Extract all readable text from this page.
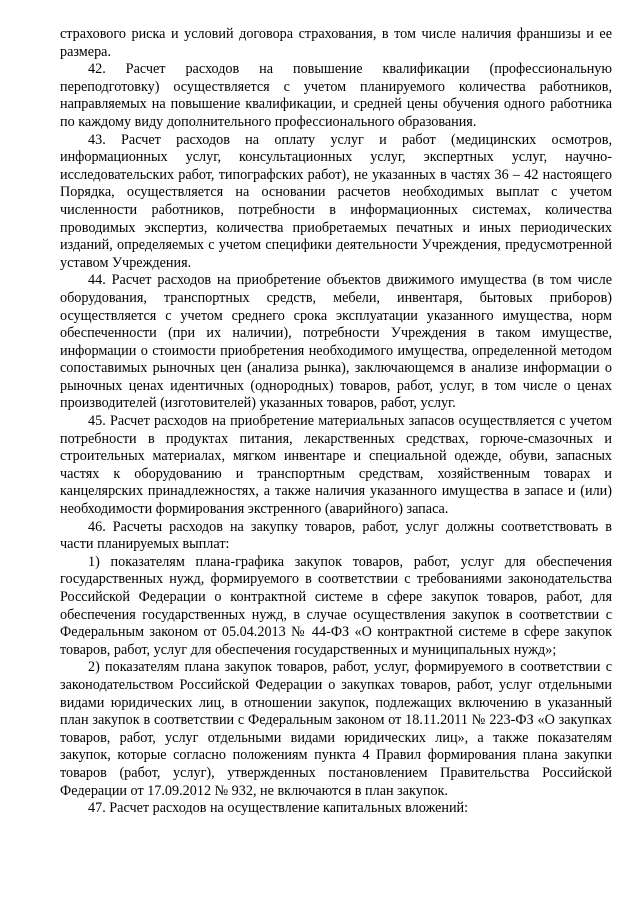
страхового риска и условий договора страхования, в том числе наличия франшизы и ее размера.

42. Расчет расходов на повышение квалификации (профессиональную переподготовку) осуществляется с учетом планируемого количества работников, направляемых на повышение квалификации, и средней цены обучения одного работника по каждому виду дополнительного профессионального образования.

43. Расчет расходов на оплату услуг и работ (медицинских осмотров, информационных услуг, консультационных услуг, экспертных услуг, научно-исследовательских работ, типографских работ), не указанных в частях 36 – 42 настоящего Порядка, осуществляется на основании расчетов необходимых выплат с учетом численности работников, потребности в информационных системах, количества проводимых экспертиз, количества приобретаемых печатных и иных периодических изданий, определяемых с учетом специфики деятельности Учреждения, предусмотренной уставом Учреждения.

44. Расчет расходов на приобретение объектов движимого имущества (в том числе оборудования, транспортных средств, мебели, инвентаря, бытовых приборов) осуществляется с учетом среднего срока эксплуатации указанного имущества, норм обеспеченности (при их наличии), потребности Учреждения в таком имуществе, информации о стоимости приобретения необходимого имущества, определенной методом сопоставимых рыночных цен (анализа рынка), заключающемся в анализе информации о рыночных ценах идентичных (однородных) товаров, работ, услуг, в том числе о ценах производителей (изготовителей) указанных товаров, работ, услуг.

45. Расчет расходов на приобретение материальных запасов осуществляется с учетом потребности в продуктах питания, лекарственных средствах, горюче-смазочных и строительных материалах, мягком инвентаре и специальной одежде, обуви, запасных частях к оборудованию и транспортным средствам, хозяйственным товарах и канцелярских принадлежностях, а также наличия указанного имущества в запасе и (или) необходимости формирования экстренного (аварийного) запаса.

46. Расчеты расходов на закупку товаров, работ, услуг должны соответствовать в части планируемых выплат:

1) показателям плана-графика закупок товаров, работ, услуг для обеспечения государственных нужд, формируемого в соответствии с требованиями законодательства Российской Федерации о контрактной системе в сфере закупок товаров, работ, для обеспечения государственных нужд, в случае осуществления закупок в соответствии с Федеральным законом от 05.04.2013 № 44-ФЗ «О контрактной системе в сфере закупок товаров, работ, услуг для обеспечения государственных и муниципальных нужд»;

2) показателям плана закупок товаров, работ, услуг, формируемого в соответствии с законодательством Российской Федерации о закупках товаров, работ, услуг отдельными видами юридических лиц, в отношении закупок, подлежащих включению в указанный план закупок в соответствии с Федеральным законом от 18.11.2011 № 223-ФЗ «О закупках товаров, работ, услуг отдельными видами юридических лиц», а также показателям закупок, которые согласно положениям пункта 4 Правил формирования плана закупки товаров (работ, услуг), утвержденных постановлением Правительства Российской Федерации от 17.09.2012 № 932, не включаются в план закупок.

47. Расчет расходов на осуществление капитальных вложений:
